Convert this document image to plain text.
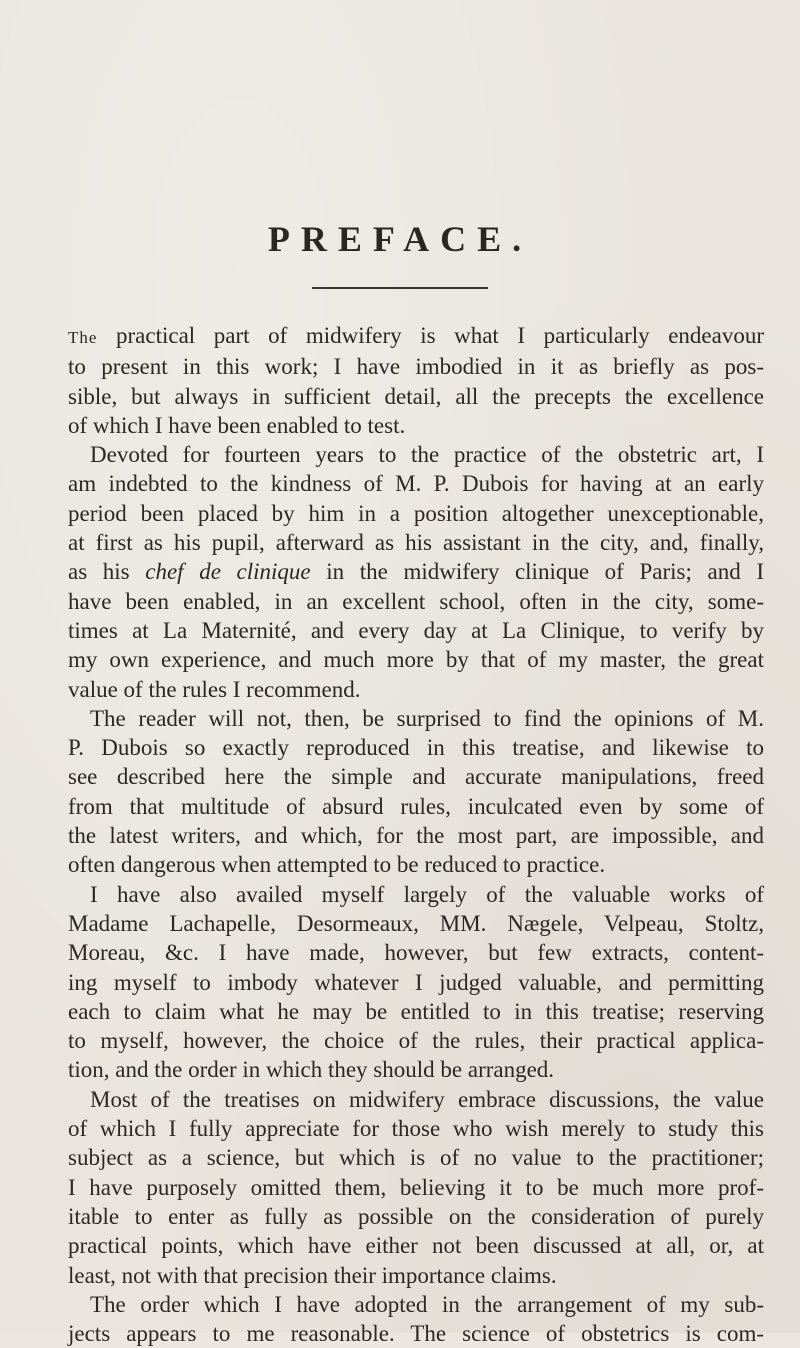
PREFACE.
The practical part of midwifery is what I particularly endeavour
to present in this work; I have imbodied in it as briefly as pos-
sible, but always in sufficient detail, all the precepts the excellence
of which I have been enabled to test.
Devoted for fourteen years to the practice of the obstetric art, I
am indebted to the kindness of M. P. Dubois for having at an early
period been placed by him in a position altogether unexceptionable,
at first as his pupil, afterward as his assistant in the city, and, finally,
as his chef de clinique in the midwifery clinique of Paris; and I
have been enabled, in an excellent school, often in the city, some-
times at La Maternité, and every day at La Clinique, to verify by
my own experience, and much more by that of my master, the great
value of the rules I recommend.
The reader will not, then, be surprised to find the opinions of M.
P. Dubois so exactly reproduced in this treatise, and likewise to
see described here the simple and accurate manipulations, freed
from that multitude of absurd rules, inculcated even by some of
the latest writers, and which, for the most part, are impossible, and
often dangerous when attempted to be reduced to practice.
I have also availed myself largely of the valuable works of
Madame Lachapelle, Desormeaux, MM. Nægele, Velpeau, Stoltz,
Moreau, &c. I have made, however, but few extracts, content-
ing myself to imbody whatever I judged valuable, and permitting
each to claim what he may be entitled to in this treatise; reserving
to myself, however, the choice of the rules, their practical applica-
tion, and the order in which they should be arranged.
Most of the treatises on midwifery embrace discussions, the value
of which I fully appreciate for those who wish merely to study this
subject as a science, but which is of no value to the practitioner;
I have purposely omitted them, believing it to be much more prof-
itable to enter as fully as possible on the consideration of purely
practical points, which have either not been discussed at all, or, at
least, not with that precision their importance claims.
The order which I have adopted in the arrangement of my sub-
jects appears to me reasonable. The science of obstetrics is com-
